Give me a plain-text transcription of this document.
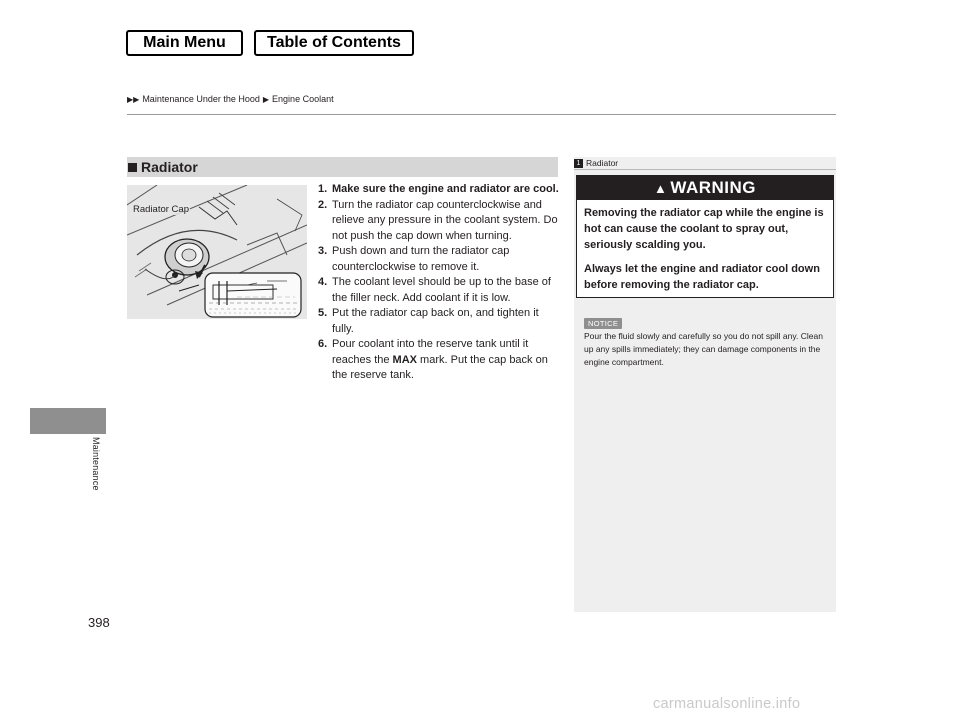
Main Menu	Table of Contents
▶▶ Maintenance Under the Hood ▶ Engine Coolant
Maintenance
398
Radiator
Radiator Cap
1. Make sure the engine and radiator are cool.
2. Turn the radiator cap counterclockwise and relieve any pressure in the coolant system. Do not push the cap down when turning.
3. Push down and turn the radiator cap counterclockwise to remove it.
4. The coolant level should be up to the base of the filler neck. Add coolant if it is low.
5. Put the radiator cap back on, and tighten it fully.
6. Pour coolant into the reserve tank until it reaches the MAX mark. Put the cap back on the reserve tank.
1 Radiator
▲ WARNING

Removing the radiator cap while the engine is hot can cause the coolant to spray out, seriously scalding you.

Always let the engine and radiator cool down before removing the radiator cap.

NOTICE

Pour the fluid slowly and carefully so you do not spill any. Clean up any spills immediately; they can damage components in the engine compartment.

carmanualsonline.info
